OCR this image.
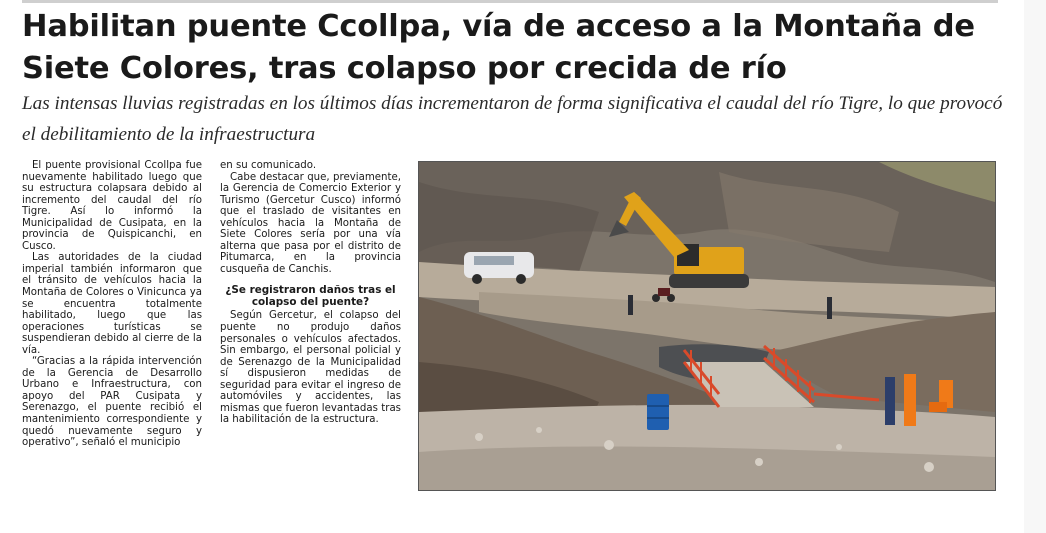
Habilitan puente Ccollpa, vía de acceso a la Montaña de Siete Colores, tras colapso por crecida de río

Las intensas lluvias registradas en los últimos días incrementaron de forma significativa el caudal del río Tigre, lo que provocó el debilitamiento de la infraestructura

El puente provisional Ccollpa fue nuevamente habilitado luego que su estructura colapsara debido al incremento del caudal del río Tigre. Así lo informó la Municipalidad de Cusipata, en la provincia de Quispicanchi, en Cusco.

Las autoridades de la ciudad imperial también informaron que el tránsito de vehículos hacia la Montaña de Colores o Vinicunca ya se encuentra totalmente habilitado, luego que las operaciones turísticas se suspendieran debido al cierre de la vía.

“Gracias a la rápida intervención de la Gerencia de Desarrollo Urbano e Infraestructura, con apoyo del PAR Cusipata y Serenazgo, el puente recibió el mantenimiento correspondiente y quedó nuevamente seguro y operativo”, señaló el municipio

en su comunicado.

Cabe destacar que, previamente, la Gerencia de Comercio Exterior y Turismo (Gercetur Cusco) informó que el traslado de visitantes en vehículos hacia la Montaña de Siete Colores sería por una vía alterna que pasa por el distrito de Pitumarca, en la provincia cusqueña de Canchis.

¿Se registraron daños tras el colapso del puente?

Según Gercetur, el colapso del puente no produjo daños personales o vehículos afectados. Sin embargo, el personal policial y de Serenazgo de la Municipalidad sí dispusieron medidas de seguridad para evitar el ingreso de automóviles y accidentes, las mismas que fueron levantadas tras la habilitación de la estructura.
